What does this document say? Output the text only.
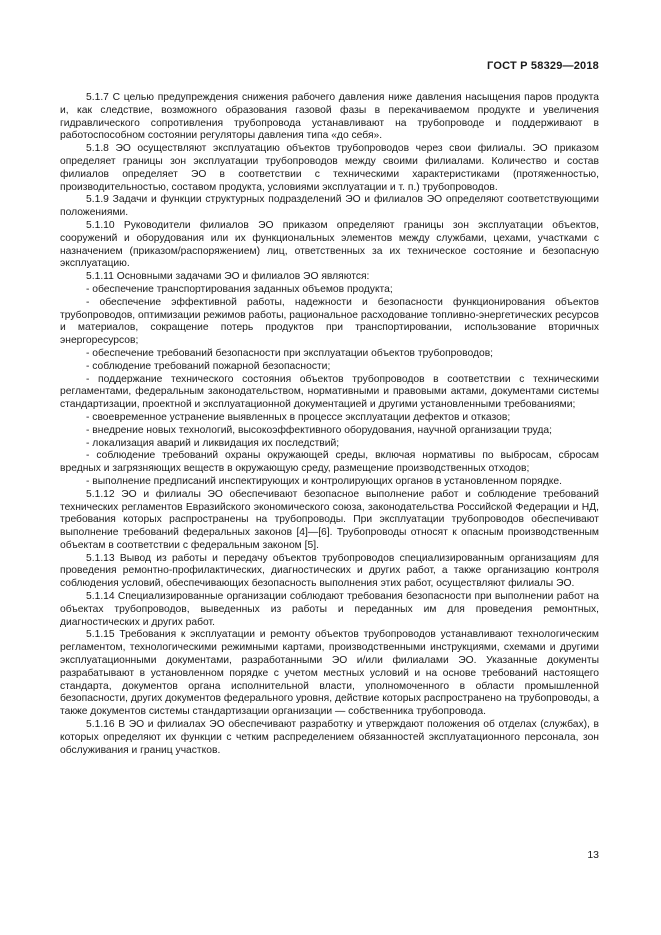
ГОСТ Р 58329—2018

5.1.7 С целью предупреждения снижения рабочего давления ниже давления насыщения паров продукта и, как следствие, возможного образования газовой фазы в перекачиваемом продукте и увеличения гидравлического сопротивления трубопровода устанавливают на трубопроводе и поддерживают в работоспособном состоянии регуляторы давления типа «до себя».

5.1.8 ЭО осуществляют эксплуатацию объектов трубопроводов через свои филиалы. ЭО приказом определяет границы зон эксплуатации трубопроводов между своими филиалами. Количество и состав филиалов определяет ЭО в соответствии с техническими характеристиками (протяженностью, производительностью, составом продукта, условиями эксплуатации и т. п.) трубопроводов.

5.1.9 Задачи и функции структурных подразделений ЭО и филиалов ЭО определяют соответствующими положениями.

5.1.10 Руководители филиалов ЭО приказом определяют границы зон эксплуатации объектов, сооружений и оборудования или их функциональных элементов между службами, цехами, участками с назначением (приказом/распоряжением) лиц, ответственных за их техническое состояние и безопасную эксплуатацию.

5.1.11 Основными задачами ЭО и филиалов ЭО являются:

- обеспечение транспортирования заданных объемов продукта;

- обеспечение эффективной работы, надежности и безопасности функционирования объектов трубопроводов, оптимизации режимов работы, рациональное расходование топливно-энергетических ресурсов и материалов, сокращение потерь продуктов при транспортировании, использование вторичных энергоресурсов;

- обеспечение требований безопасности при эксплуатации объектов трубопроводов;

- соблюдение требований пожарной безопасности;

- поддержание технического состояния объектов трубопроводов в соответствии с техническими регламентами, федеральным законодательством, нормативными и правовыми актами, документами системы стандартизации, проектной и эксплуатационной документацией и другими установленными требованиями;

- своевременное устранение выявленных в процессе эксплуатации дефектов и отказов;

- внедрение новых технологий, высокоэффективного оборудования, научной организации труда;

- локализация аварий и ликвидация их последствий;

- соблюдение требований охраны окружающей среды, включая нормативы по выбросам, сбросам вредных и загрязняющих веществ в окружающую среду, размещение производственных отходов;

- выполнение предписаний инспектирующих и контролирующих органов в установленном порядке.

5.1.12 ЭО и филиалы ЭО обеспечивают безопасное выполнение работ и соблюдение требований технических регламентов Евразийского экономического союза, законодательства Российской Федерации и НД, требования которых распространены на трубопроводы. При эксплуатации трубопроводов обеспечивают выполнение требований федеральных законов [4]—[6]. Трубопроводы относят к опасным производственным объектам в соответствии с федеральным законом [5].

5.1.13 Вывод из работы и передачу объектов трубопроводов специализированным организациям для проведения ремонтно-профилактических, диагностических и других работ, а также организацию контроля соблюдения условий, обеспечивающих безопасность выполнения этих работ, осуществляют филиалы ЭО.

5.1.14 Специализированные организации соблюдают требования безопасности при выполнении работ на объектах трубопроводов, выведенных из работы и переданных им для проведения ремонтных, диагностических и других работ.

5.1.15 Требования к эксплуатации и ремонту объектов трубопроводов устанавливают технологическим регламентом, технологическими режимными картами, производственными инструкциями, схемами и другими эксплуатационными документами, разработанными ЭО и/или филиалами ЭО. Указанные документы разрабатывают в установленном порядке с учетом местных условий и на основе требований настоящего стандарта, документов органа исполнительной власти, уполномоченного в области промышленной безопасности, других документов федерального уровня, действие которых распространено на трубопроводы, а также документов системы стандартизации организации — собственника трубопровода.

5.1.16 В ЭО и филиалах ЭО обеспечивают разработку и утверждают положения об отделах (службах), в которых определяют их функции с четким распределением обязанностей эксплуатационного персонала, зон обслуживания и границ участков.

13
